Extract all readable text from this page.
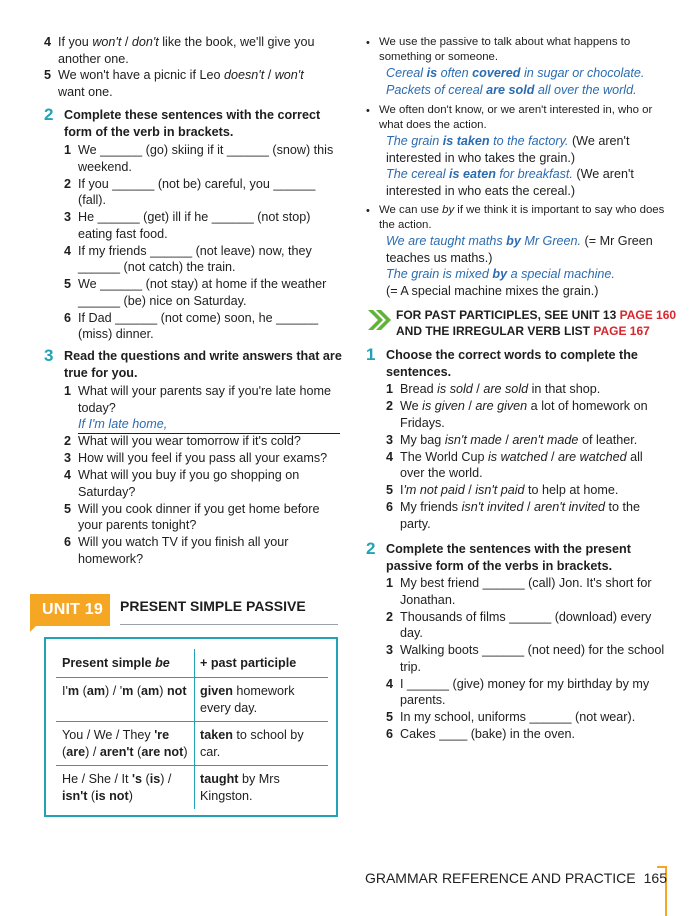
4 If you won't / don't like the book, we'll give you
another one.
5 We won't have a picnic if Leo doesn't / won't
want one.
2 Complete these sentences with the correct
form of the verb in brackets.
1 We ______ (go) skiing if it ______ (snow) this
weekend.
2 If you ______ (not be) careful, you ______
(fall).
3 He ______ (get) ill if he ______ (not stop)
eating fast food.
4 If my friends ______ (not leave) now, they
______ (not catch) the train.
5 We ______ (not stay) at home if the weather
______ (be) nice on Saturday.
6 If Dad ______ (not come) soon, he ______
(miss) dinner.
3 Read the questions and write answers that are
true for you.
1 What will your parents say if you're late home
today?
If I'm late home,
2 What will you wear tomorrow if it's cold?
3 How will you feel if you pass all your exams?
4 What will you buy if you go shopping on
Saturday?
5 Will you cook dinner if you get home before
your parents tonight?
6 Will you watch TV if you finish all your
homework?
UNIT 19	PRESENT SIMPLE PASSIVE
Present simple be + past participle
I'm (am) / 'm (am) not given homework
every day.
You / We / They 're
(are) / aren't (are not)
taken to school by
car.
He / She / It 's (is) /
isn't (is not)
taught by Mrs
Kingston.
• We use the passive to talk about what happens to
something or someone.
Cereal is often covered in sugar or chocolate.
Packets of cereal are sold all over the world.
• We often don't know, or we aren't interested in, who or
what does the action.
The grain is taken to the factory. (We aren't
interested in who takes the grain.)
The cereal is eaten for breakfast. (We aren't
interested in who eats the cereal.)
• We can use by if we think it is important to say who does
the action.
We are taught maths by Mr Green. (= Mr Green
teaches us maths.)
The grain is mixed by a special machine.
(= A special machine mixes the grain.)
FOR PAST PARTICIPLES, SEE UNIT 13 PAGE 160
AND THE IRREGULAR VERB LIST PAGE 167
1 Choose the correct words to complete the
sentences.
1 Bread is sold / are sold in that shop.
2 We is given / are given a lot of homework on
Fridays.
3 My bag isn't made / aren't made of leather.
4 The World Cup is watched / are watched all
over the world.
5 I'm not paid / isn't paid to help at home.
6 My friends isn't invited / aren't invited to the
party.
2 Complete the sentences with the present
passive form of the verbs in brackets.
1 My best friend ______ (call) Jon. It's short for
Jonathan.
2 Thousands of films ______ (download) every
day.
3 Walking boots ______ (not need) for the school
trip.
4 I ______ (give) money for my birthday by my
parents.
5 In my school, uniforms ______ (not wear).
6 Cakes ____ (bake) in the oven.
GRAMMAR REFERENCE AND PRACTICE 165
